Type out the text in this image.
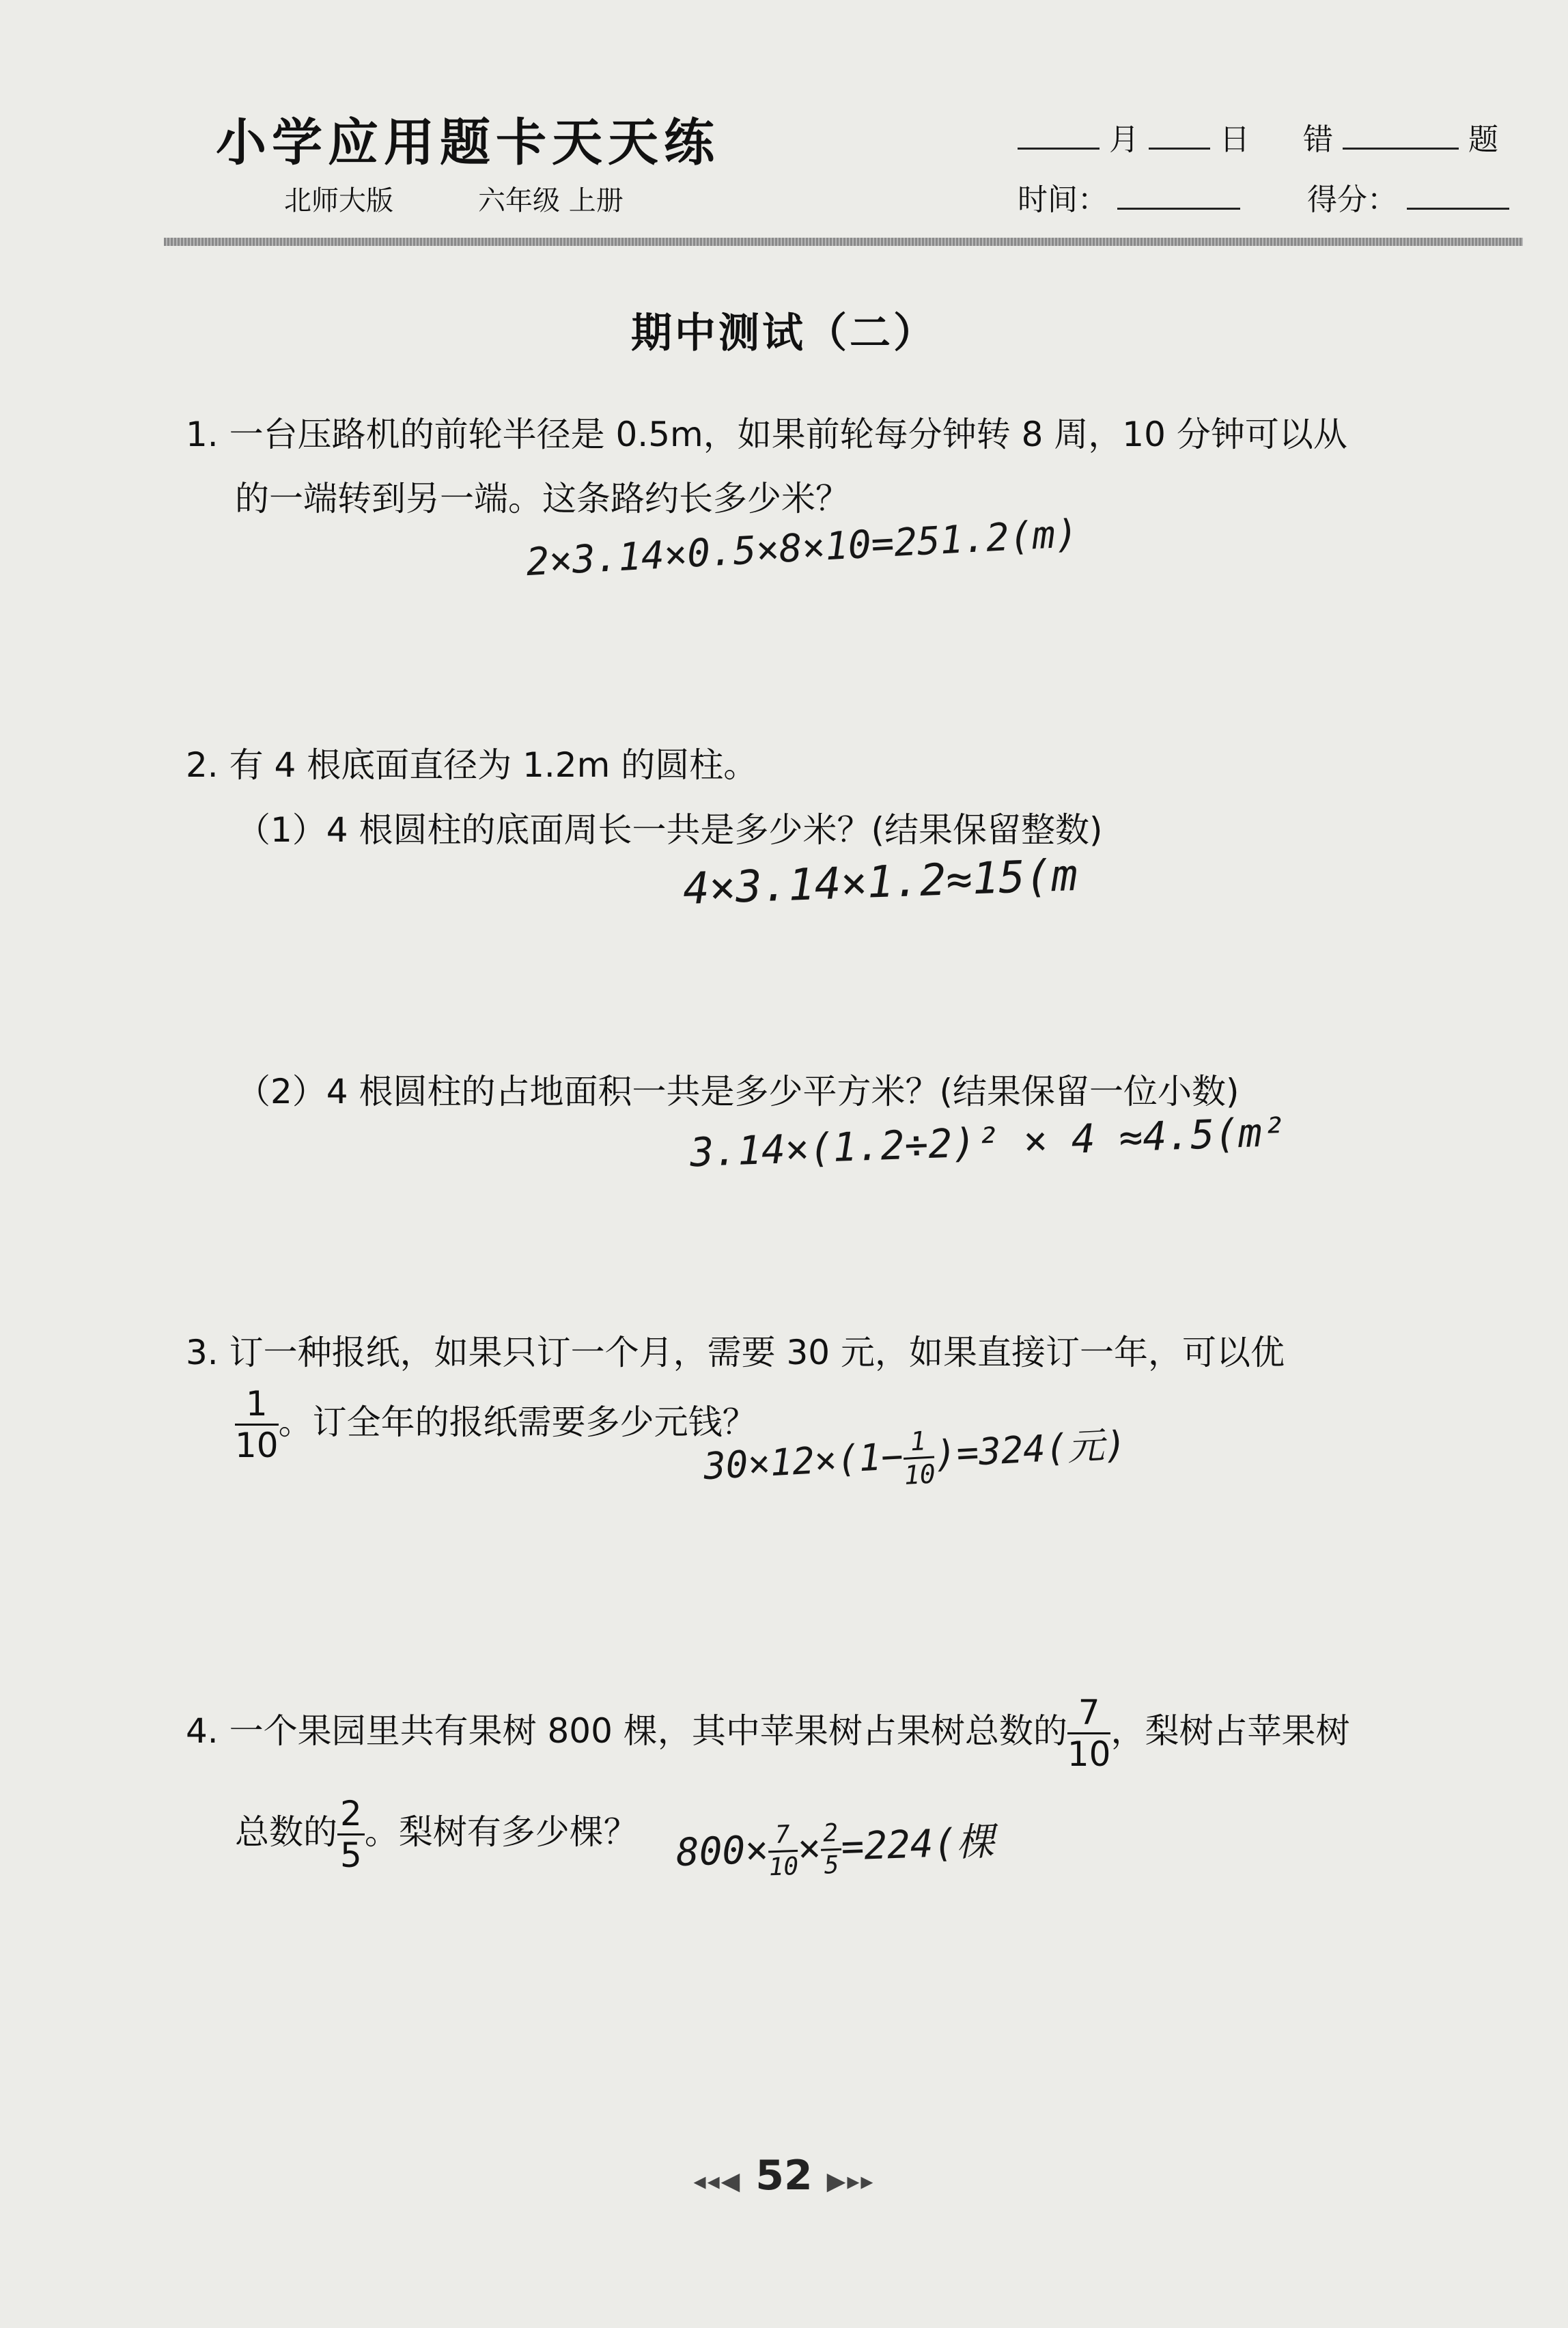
小学应用题卡天天练
北师大版	六年级 上册
月	日 错	题
时间：	得分：
期中测试（二）
1. 一台压路机的前轮半径是 0.5m，如果前轮每分钟转 8 周，10 分钟可以从
的一端转到另一端。这条路约长多少米？
2×3.14×0.5×8×10=251.2(m)
2. 有 4 根底面直径为 1.2m 的圆柱。
（1）4 根圆柱的底面周长一共是多少米？(结果保留整数)
4×3.14×1.2≈15(m
（2）4 根圆柱的占地面积一共是多少平方米？(结果保留一位小数)
3.14×(1.2÷2)² × 4 ≈4.5(m²
3. 订一种报纸，如果只订一个月，需要 30 元，如果直接订一年，可以优
$\frac{1}{10}$ 。订全年的报纸需要多少元钱？
30×12×(1−
$\frac{1}{10}$
)=324(元)
4. 一个果园里共有果树 800 棵，其中苹果树占果树总数的 $\frac{7}{10}$ ，梨树占苹果树
总数的 $\frac{2}{5}$ 。梨树有多少棵？ 800×
$\frac{7}{10}$
×
$\frac{2}{5}$
=224(棵
◂◂◀ 52 ▶▸▸
